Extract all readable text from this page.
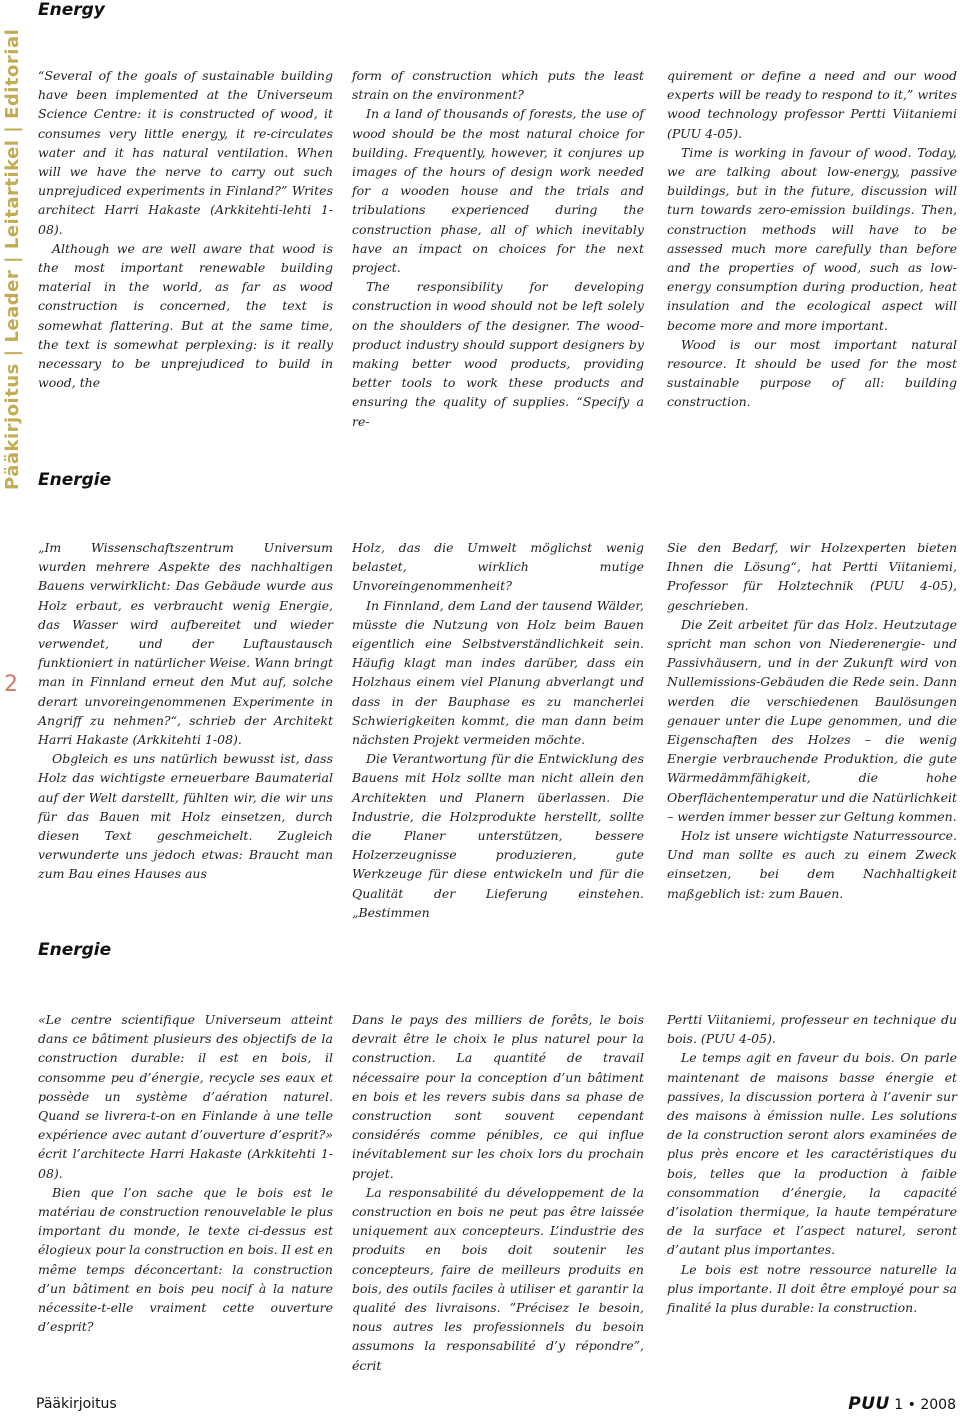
Pääkirjoitus | Leader | Leitartikel | Editorial
2
Energy

“Several of the goals of sustainable building have been implemented at the Universeum Science Centre: it is constructed of wood, it consumes very little energy, it re-circulates water and it has natural ventilation. When will we have the nerve to carry out such unprejudiced experiments in Finland?” Writes architect Harri Hakaste (Arkkitehti-lehti 1-08).

Although we are well aware that wood is the most important renewable building material in the world, as far as wood construction is concerned, the text is somewhat flattering. But at the same time, the text is somewhat perplexing: is it really necessary to be unprejudiced to build in wood, the

form of construction which puts the least strain on the environment?

In a land of thousands of forests, the use of wood should be the most natural choice for building. Frequently, however, it conjures up images of the hours of design work needed for a wooden house and the trials and tribulations experienced during the construction phase, all of which inevitably have an impact on choices for the next project.

The responsibility for developing construction in wood should not be left solely on the shoulders of the designer. The wood-product industry should support designers by making better wood products, providing better tools to work these products and ensuring the quality of supplies. “Specify a re-

quirement or define a need and our wood experts will be ready to respond to it,” writes wood technology professor Pertti Viitaniemi (PUU 4-05).

Time is working in favour of wood. Today, we are talking about low-energy, passive buildings, but in the future, discussion will turn towards zero-emission buildings. Then, construction methods will have to be assessed much more carefully than before and the properties of wood, such as low-energy consumption during production, heat insulation and the ecological aspect will become more and more important.

Wood is our most important natural resource. It should be used for the most sustainable purpose of all: building construction.

Energie

„Im Wissenschaftszentrum Universum wurden mehrere Aspekte des nachhaltigen Bauens verwirklicht: Das Gebäude wurde aus Holz erbaut, es verbraucht wenig Energie, das Wasser wird aufbereitet und wieder verwendet, und der Luftaustausch funktioniert in natürlicher Weise. Wann bringt man in Finnland erneut den Mut auf, solche derart unvoreingenommenen Experimente in Angriff zu nehmen?“, schrieb der Architekt Harri Hakaste (Arkkitehti 1-08).

Obgleich es uns natürlich bewusst ist, dass Holz das wichtigste erneuerbare Baumaterial auf der Welt darstellt, fühlten wir, die wir uns für das Bauen mit Holz einsetzen, durch diesen Text geschmeichelt. Zugleich verwunderte uns jedoch etwas: Braucht man zum Bau eines Hauses aus

Holz, das die Umwelt möglichst wenig belastet, wirklich mutige Unvoreingenommenheit?

In Finnland, dem Land der tausend Wälder, müsste die Nutzung von Holz beim Bauen eigentlich eine Selbstverständlichkeit sein. Häufig klagt man indes darüber, dass ein Holzhaus einem viel Planung abverlangt und dass in der Bauphase es zu mancherlei Schwierigkeiten kommt, die man dann beim nächsten Projekt vermeiden möchte.

Die Verantwortung für die Entwicklung des Bauens mit Holz sollte man nicht allein den Architekten und Planern überlassen. Die Industrie, die Holzprodukte herstellt, sollte die Planer unterstützen, bessere Holzerzeugnisse produzieren, gute Werkzeuge für diese entwickeln und für die Qualität der Lieferung einstehen. „Bestimmen

Sie den Bedarf, wir Holzexperten bieten Ihnen die Lösung“, hat Pertti Viitaniemi, Professor für Holztechnik (PUU 4-05), geschrieben.

Die Zeit arbeitet für das Holz. Heutzutage spricht man schon von Niederenergie- und Passivhäusern, und in der Zukunft wird von Nullemissions-Gebäuden die Rede sein. Dann werden die verschiedenen Baulösungen genauer unter die Lupe genommen, und die Eigenschaften des Holzes – die wenig Energie verbrauchende Produktion, die gute Wärmedämmfähigkeit, die hohe Oberflächentemperatur und die Natürlichkeit – werden immer besser zur Geltung kommen.

Holz ist unsere wichtigste Naturressource. Und man sollte es auch zu einem Zweck einsetzen, bei dem Nachhaltigkeit maßgeblich ist: zum Bauen.

Energie

«Le centre scientifique Universeum atteint dans ce bâtiment plusieurs des objectifs de la construction durable: il est en bois, il consomme peu d’énergie, recycle ses eaux et possède un système d’aération naturel. Quand se livrera-t-on en Finlande à une telle expérience avec autant d’ouverture d’esprit?» écrit l’architecte Harri Hakaste (Arkkitehti 1-08).

Bien que l’on sache que le bois est le matériau de construction renouvelable le plus important du monde, le texte ci-dessus est élogieux pour la construction en bois. Il est en même temps déconcertant: la construction d’un bâtiment en bois peu nocif à la nature nécessite-t-elle vraiment cette ouverture d’esprit?

Dans le pays des milliers de forêts, le bois devrait être le choix le plus naturel pour la construction. La quantité de travail nécessaire pour la conception d’un bâtiment en bois et les revers subis dans sa phase de construction sont souvent cependant considérés comme pénibles, ce qui influe inévitablement sur les choix lors du prochain projet.

La responsabilité du développement de la construction en bois ne peut pas être laissée uniquement aux concepteurs. L’industrie des produits en bois doit soutenir les concepteurs, faire de meilleurs produits en bois, des outils faciles à utiliser et garantir la qualité des livraisons. ”Précisez le besoin, nous autres les professionnels du besoin assumons la responsabilité d’y répondre”, écrit

Pertti Viitaniemi, professeur en technique du bois. (PUU 4-05).

Le temps agit en faveur du bois. On parle maintenant de maisons basse énergie et passives, la discussion portera à l’avenir sur des maisons à émission nulle. Les solutions de la construction seront alors examinées de plus près encore et les caractéristiques du bois, telles que la production à faible consommation d’énergie, la capacité d’isolation thermique, la haute température de la surface et l’aspect naturel, seront d’autant plus importantes.

Le bois est notre ressource naturelle la plus importante. Il doit être employé pour sa finalité la plus durable: la construction.

Pääkirjoitus	PUU 1 • 2008
